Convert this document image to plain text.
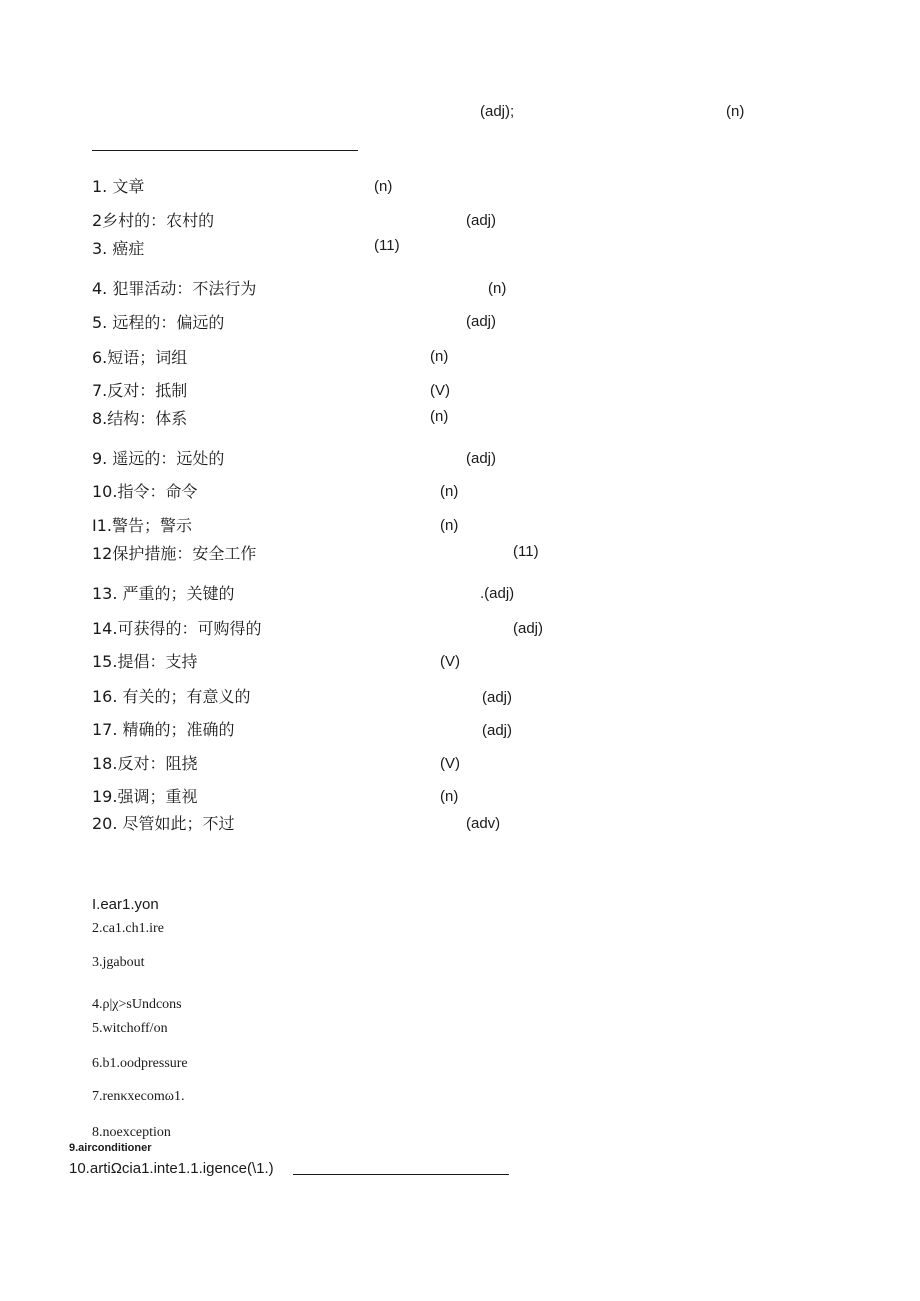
(adj);	(n)
1. 文章	(n)
2乡村的：农村的	(adj)
3. 癌症	(11)
4. 犯罪活动：不法行为	(n)
5. 远程的：偏远的	(adj)
6.短语；词组	(n)
7.反对：抵制	(V)
8.结构：体系	(n)
9. 遥远的：远处的	(adj)
10.指令：命令	(n)
I1.警告；警示	(n)
12保护措施：安全工作	(11)
13. 严重的；关键的	.(adj)
14.可获得的：可购得的	(adj)
15.提倡：支持	(V)
16. 有关的；有意义的	(adj)
17. 精确的；准确的	(adj)
18.反对：阻挠	(V)
19.强调；重视	(n)
20. 尽管如此；不过	(adv)
I.ear1.yon
2.ca1.ch1.ire
3.jgabout
4.ρ|χ>sUndcons
5.witchoff/on
6.b1.oodpressure
7.renκxecomω1.
8.noexception
9.airconditioner
10.artiΩcia1.inte1.1.igence(\1.)
